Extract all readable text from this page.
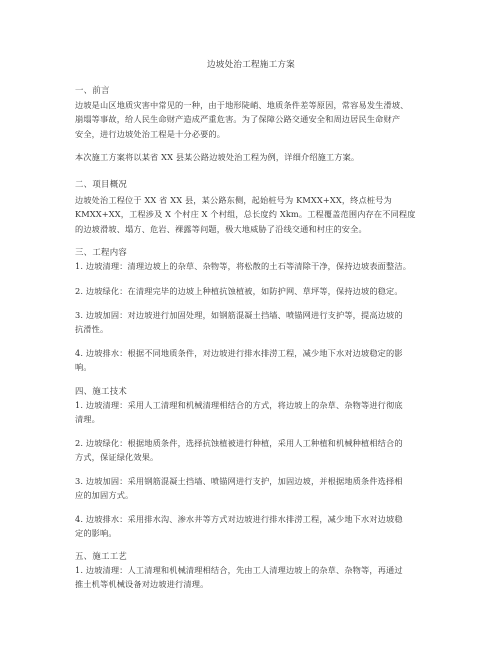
边坡处治工程施工方案
一、前言
边坡是山区地质灾害中常见的一种，由于地形陡峭、地质条件差等原因，常容易发生滑坡、
崩塌等事故，给人民生命财产造成严重危害。为了保障公路交通安全和周边居民生命财产
安全，进行边坡处治工程是十分必要的。
本次施工方案将以某省 XX 县某公路边坡处治工程为例，详细介绍施工方案。
二、项目概况
边坡处治工程位于 XX 省 XX 县，某公路东侧，起始桩号为 KMXX+XX，终点桩号为
KMXX+XX，工程涉及 X 个村庄 X 个村组，总长度约 Xkm。工程覆盖范围内存在不同程度
的边坡滑坡、塌方、危岩、裸露等问题，极大地威胁了沿线交通和村庄的安全。
三、工程内容
1. 边坡清理：清理边坡上的杂草、杂物等，将松散的土石等清除干净，保持边坡表面整洁。
2. 边坡绿化：在清理完毕的边坡上种植抗蚀植被，如防护网、草坪等，保持边坡的稳定。
3. 边坡加固：对边坡进行加固处理，如钢筋混凝土挡墙、喷锚网进行支护等，提高边坡的
抗滑性。
4. 边坡排水：根据不同地质条件，对边坡进行排水排涝工程，减少地下水对边坡稳定的影
响。
四、施工技术
1. 边坡清理：采用人工清理和机械清理相结合的方式，将边坡上的杂草、杂物等进行彻底
清理。
2. 边坡绿化：根据地质条件，选择抗蚀植被进行种植，采用人工种植和机械种植相结合的
方式，保证绿化效果。
3. 边坡加固：采用钢筋混凝土挡墙、喷锚网进行支护，加固边坡，并根据地质条件选择相
应的加固方式。
4. 边坡排水：采用排水沟、渗水井等方式对边坡进行排水排涝工程，减少地下水对边坡稳
定的影响。
五、施工工艺
1. 边坡清理：人工清理和机械清理相结合，先由工人清理边坡上的杂草、杂物等，再通过
推土机等机械设备对边坡进行清理。
